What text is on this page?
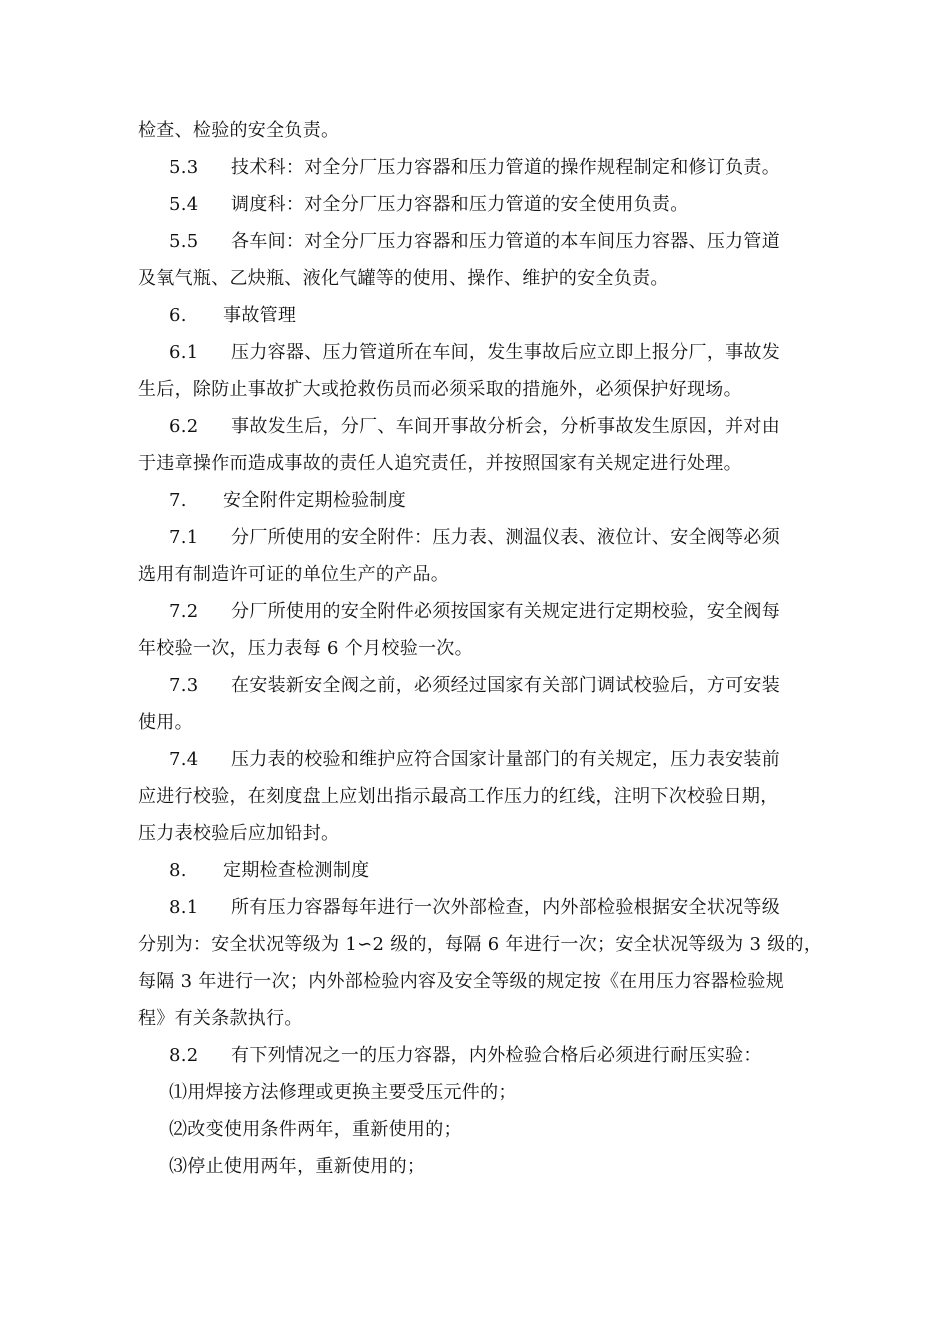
检查、检验的安全负责。
5.3 技术科：对全分厂压力容器和压力管道的操作规程制定和修订负责。
5.4 调度科：对全分厂压力容器和压力管道的安全使用负责。
5.5 各车间：对全分厂压力容器和压力管道的本车间压力容器、压力管道
及氧气瓶、乙炔瓶、液化气罐等的使用、操作、维护的安全负责。
6. 事故管理
6.1 压力容器、压力管道所在车间，发生事故后应立即上报分厂，事故发
生后，除防止事故扩大或抢救伤员而必须采取的措施外，必须保护好现场。
6.2 事故发生后，分厂、车间开事故分析会，分析事故发生原因，并对由
于违章操作而造成事故的责任人追究责任，并按照国家有关规定进行处理。
7. 安全附件定期检验制度
7.1 分厂所使用的安全附件：压力表、测温仪表、液位计、安全阀等必须
选用有制造许可证的单位生产的产品。
7.2 分厂所使用的安全附件必须按国家有关规定进行定期校验，安全阀每
年校验一次，压力表每 6 个月校验一次。
7.3 在安装新安全阀之前，必须经过国家有关部门调试校验后，方可安装
使用。
7.4 压力表的校验和维护应符合国家计量部门的有关规定，压力表安装前
应进行校验，在刻度盘上应划出指示最高工作压力的红线，注明下次校验日期，
压力表校验后应加铅封。
8. 定期检查检测制度
8.1 所有压力容器每年进行一次外部检查，内外部检验根据安全状况等级
分别为：安全状况等级为 1∽2 级的，每隔 6 年进行一次；安全状况等级为 3 级的，
每隔 3 年进行一次；内外部检验内容及安全等级的规定按《在用压力容器检验规
程》有关条款执行。
8.2 有下列情况之一的压力容器，内外检验合格后必须进行耐压实验：
⑴用焊接方法修理或更换主要受压元件的；
⑵改变使用条件两年，重新使用的；
⑶停止使用两年，重新使用的；
